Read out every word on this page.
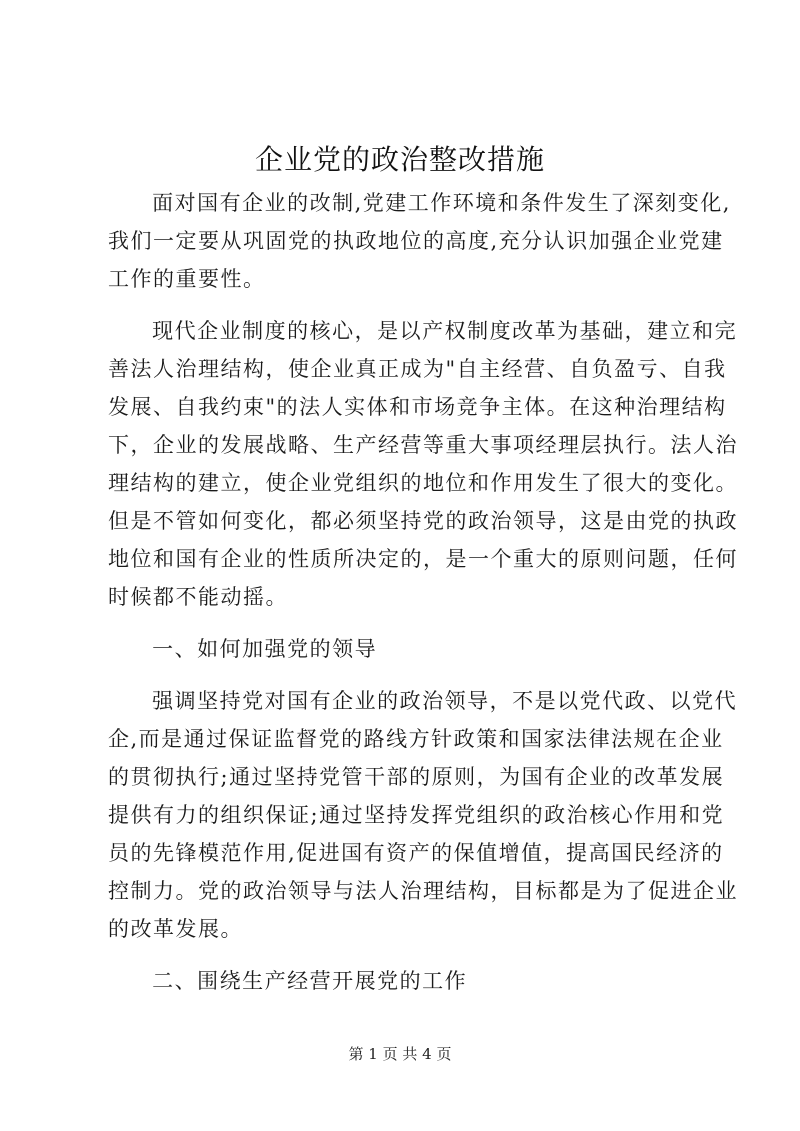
企业党的政治整改措施

面对国有企业的改制,党建工作环境和条件发生了深刻变化,
我们一定要从巩固党的执政地位的高度,充分认识加强企业党建
工作的重要性。

现代企业制度的核心，是以产权制度改革为基础，建立和完
善法人治理结构，使企业真正成为"自主经营、自负盈亏、自我
发展、自我约束"的法人实体和市场竞争主体。在这种治理结构
下，企业的发展战略、生产经营等重大事项经理层执行。法人治
理结构的建立，使企业党组织的地位和作用发生了很大的变化。
但是不管如何变化，都必须坚持党的政治领导，这是由党的执政
地位和国有企业的性质所决定的，是一个重大的原则问题，任何
时候都不能动摇。

一、如何加强党的领导

强调坚持党对国有企业的政治领导，不是以党代政、以党代
企,而是通过保证监督党的路线方针政策和国家法律法规在企业
的贯彻执行;通过坚持党管干部的原则，为国有企业的改革发展
提供有力的组织保证;通过坚持发挥党组织的政治核心作用和党
员的先锋模范作用,促进国有资产的保值增值，提高国民经济的
控制力。党的政治领导与法人治理结构，目标都是为了促进企业
的改革发展。

二、围绕生产经营开展党的工作

第 1 页 共 4 页
